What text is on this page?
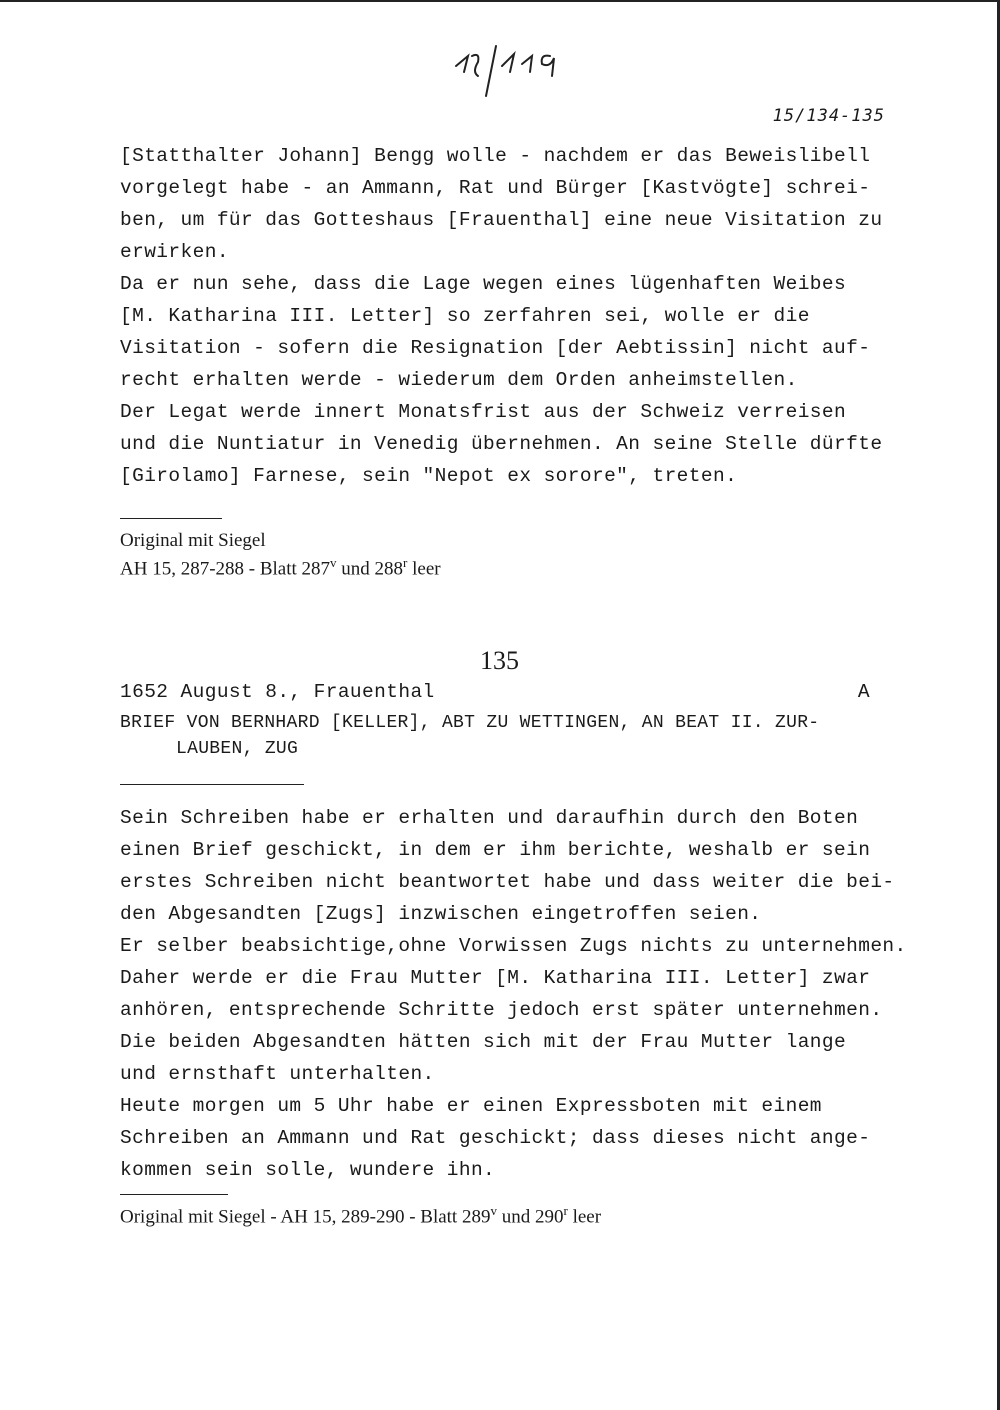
15/134-135
[Statthalter Johann] Bengg wolle - nachdem er das Beweislibell
vorgelegt habe - an Ammann, Rat und Bürger [Kastvögte] schrei-
ben, um für das Gotteshaus [Frauenthal] eine neue Visitation zu
erwirken.
Da er nun sehe, dass die Lage wegen eines lügenhaften Weibes
[M. Katharina III. Letter] so zerfahren sei, wolle er die
Visitation - sofern die Resignation [der Aebtissin] nicht auf-
recht erhalten werde - wiederum dem Orden anheimstellen.
Der Legat werde innert Monatsfrist aus der Schweiz verreisen
und die Nuntiatur in Venedig übernehmen. An seine Stelle dürfte
[Girolamo] Farnese, sein "Nepot ex sorore", treten.
Original mit Siegel
AH 15, 287-288 - Blatt 287$^v$ und 288$^r$ leer
135
1652 August 8., Frauenthal	A
BRIEF VON BERNHARD [KELLER], ABT ZU WETTINGEN, AN BEAT II. ZUR-
LAUBEN, ZUG
Sein Schreiben habe er erhalten und daraufhin durch den Boten
einen Brief geschickt, in dem er ihm berichte, weshalb er sein
erstes Schreiben nicht beantwortet habe und dass weiter die bei-
den Abgesandten [Zugs] inzwischen eingetroffen seien.
Er selber beabsichtige,ohne Vorwissen Zugs nichts zu unternehmen.
Daher werde er die Frau Mutter [M. Katharina III. Letter] zwar
anhören, entsprechende Schritte jedoch erst später unternehmen.
Die beiden Abgesandten hätten sich mit der Frau Mutter lange
und ernsthaft unterhalten.
Heute morgen um 5 Uhr habe er einen Expressboten mit einem
Schreiben an Ammann und Rat geschickt; dass dieses nicht ange-
kommen sein solle, wundere ihn.
Original mit Siegel - AH 15, 289-290 - Blatt 289$^v$ und 290$^r$ leer
